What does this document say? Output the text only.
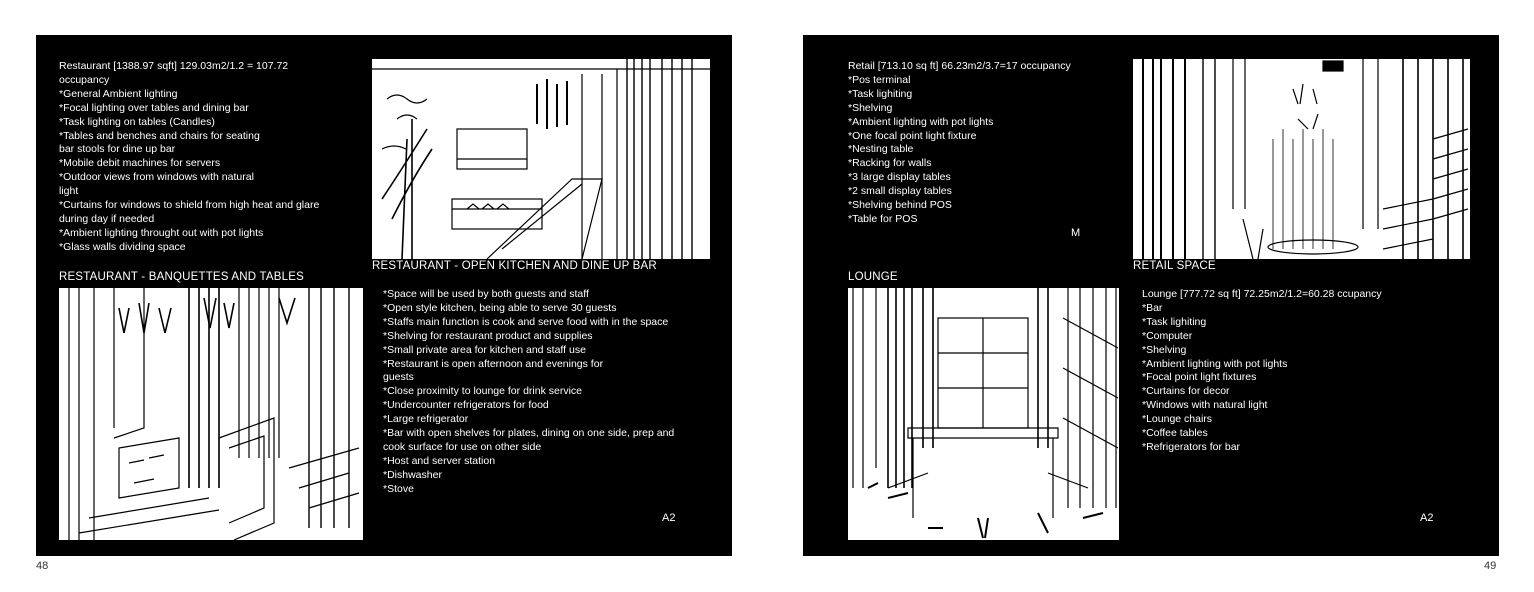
Restaurant [1388.97 sqft] 129.03m2/1.2 = 107.72
occupancy
*General Ambient lighting
*Focal lighting over tables and dining bar
*Task lighting on tables (Candles)
*Tables and benches and chairs for seating
bar stools for dine up bar
*Mobile debit machines for servers
*Outdoor views from windows with natural
light
*Curtains for windows to shield from high heat and glare
during day if needed
*Ambient lighting throught out with pot lights
*Glass walls dividing space

RESTAURANT - BANQUETTES AND TABLES
RESTAURANT - OPEN KITCHEN AND DINE UP BAR

*Space will be used by both guests and staff
*Open style kitchen, being able to serve 30 guests
*Staffs main function is cook and serve food with in the space
*Shelving for restaurant product and supplies
*Small private area for kitchen and staff use
*Restaurant is open afternoon and evenings for
guests
*Close proximity to lounge for drink service
*Undercounter refrigerators for food
*Large refrigerator
*Bar with open shelves for plates, dining on one side, prep and
cook surface for use on other side
*Host and server station
*Dishwasher
*Stove

A2
48

Retail [713.10 sq ft] 66.23m2/3.7=17 occupancy
*Pos terminal
*Task lighiting
*Shelving
*Ambient lighting with pot lights
*One focal point light fixture
*Nesting table
*Racking for walls
*3 large display tables
*2 small display tables
*Shelving behind POS
*Table for POS

M
RETAIL SPACE
LOUNGE

Lounge [777.72 sq ft] 72.25m2/1.2=60.28 ccupancy
*Bar
*Task lighiting
*Computer
*Shelving
*Ambient lighting with pot lights
*Focal point light fixtures
*Curtains for decor
*Windows with natural light
*Lounge chairs
*Coffee tables
*Refrigerators for bar

A2
49
